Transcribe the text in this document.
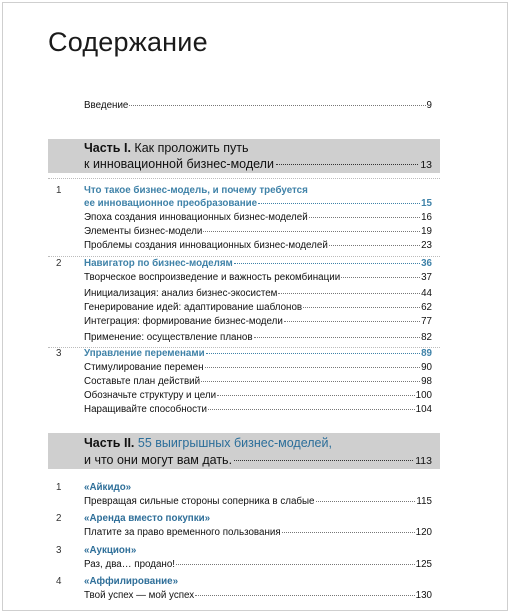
Содержание
Введение	9
Часть I. Как проложить путь
к инновационной бизнес-модели	13
1	Что такое бизнес-модель, и почему требуется
ее инновационное преобразование	15
Эпоха создания инновационных бизнес-моделей	16
Элементы бизнес-модели	19
Проблемы создания инновационных бизнес-моделей	23
2	Навигатор по бизнес-моделям	36
Творческое воспроизведение и важность рекомбинации	37
Инициализация: анализ бизнес-экосистем	44
Генерирование идей: адаптирование шаблонов	62
Интеграция: формирование бизнес-модели	77
Применение: осуществление планов	82
3	Управление переменами	89
Стимулирование перемен	90
Составьте план действий	98
Обозначьте структуру и цели	100
Наращивайте способности	104
Часть II. 55 выигрышных бизнес-моделей,
и что они могут вам дать.	113
1	«Айкидо»
Превращая сильные стороны соперника в слабые	115
2	«Аренда вместо покупки»
Платите за право временного пользования	120
3	«Аукцион»
Раз, два… продано!	125
4	«Аффилирование»
Твой успех — мой успех	130
